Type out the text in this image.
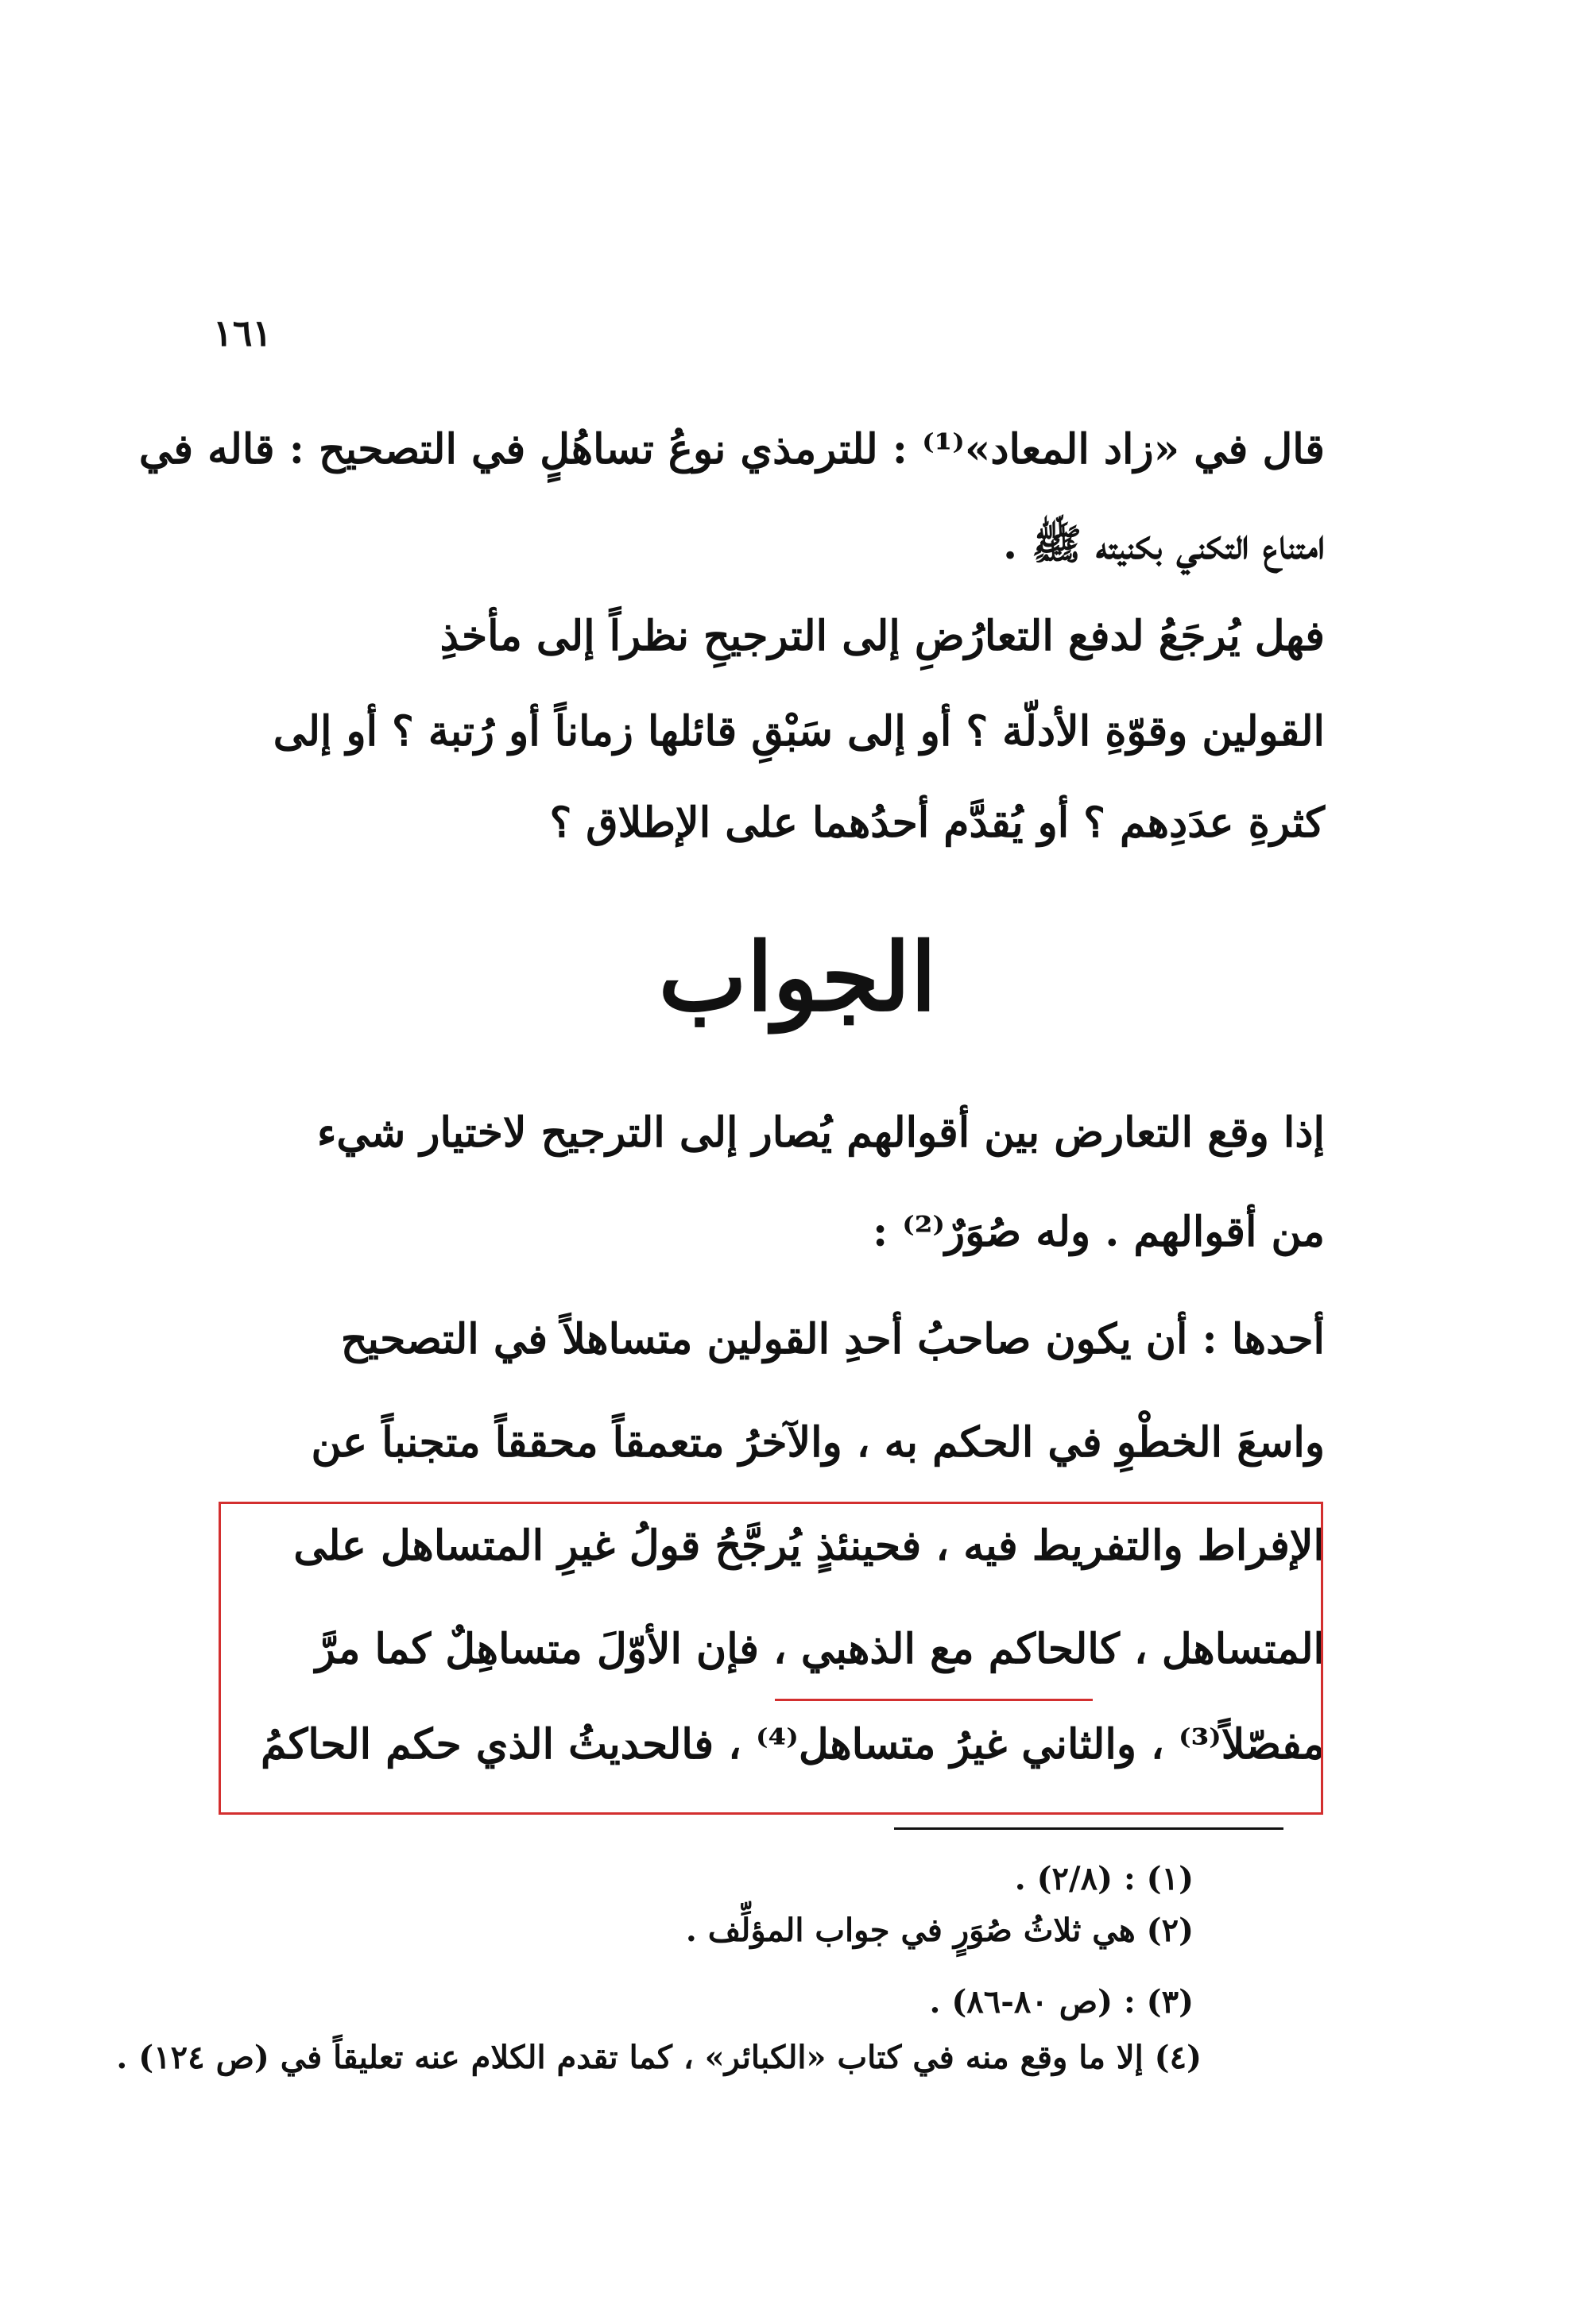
١٦١
قال في «زاد المعاد»⁽¹⁾ : للترمذي نوعُ تساهُلٍ في التصحيح : قاله في
امتناع التكني بكنيته ﷺ .
فهل يُرجَعُ لدفع التعارُضِ إلى الترجيحِ نظراً إلى مأخذِ
القولين وقوّةِ الأدلّة ؟ أو إلى سَبْقِ قائلها زماناً أو رُتبة ؟ أو إلى
كثرةِ عدَدِهم ؟ أو يُقدَّم أحدُهما على الإطلاق ؟
الجواب
إذا وقع التعارض بين أقوالهم يُصار إلى الترجيح لاختيار شيء
من أقوالهم . وله صُوَرٌ⁽²⁾ :
أحدها : أن يكون صاحبُ أحدِ القولين متساهلاً في التصحيح
واسعَ الخطْوِ في الحكم به ، والآخرُ متعمقاً محققاً متجنباً عن
الإفراط والتفريط فيه ، فحينئذٍ يُرجَّحُ قولُ غيرِ المتساهل على
المتساهل ، كالحاكم مع الذهبي ، فإن الأوّلَ متساهِلٌ كما مرَّ
مفصّلاً⁽³⁾ ، والثاني غيرُ متساهل⁽⁴⁾ ، فالحديثُ الذي حكم الحاكمُ
(١) : (٢/٨) .
(٢) هي ثلاثُ صُوَرٍ في جواب المؤلِّف .
(٣) : (ص ٨٠-٨٦) .
(٤) إلا ما وقع منه في كتاب «الكبائر» ، كما تقدم الكلام عنه تعليقاً في (ص ١٢٤) .
